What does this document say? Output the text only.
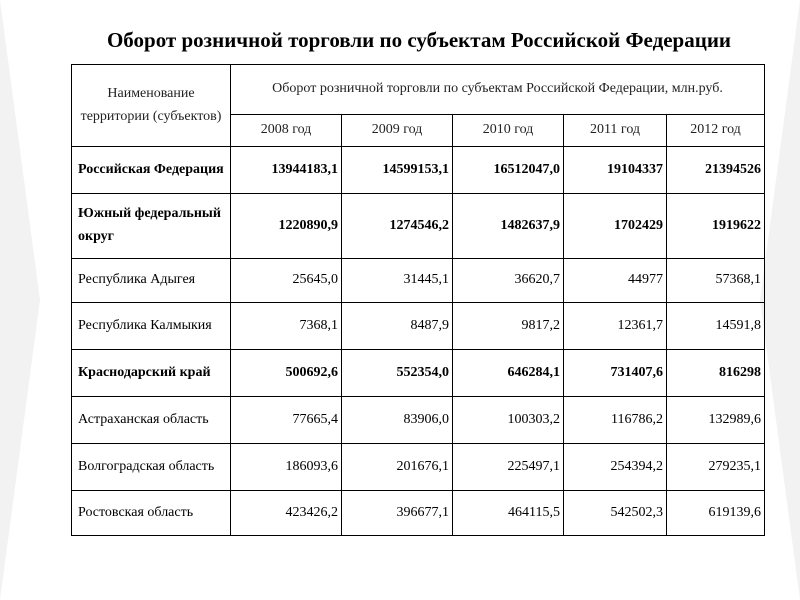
Оборот розничной торговли по субъектам Российской Федерации
Наименование территории (субъектов)	Оборот розничной торговли по субъектам Российской Федерации, млн.руб.				
	2008 год	2009 год	2010 год	2011 год	2012 год
Российская Федерация	13944183,1	14599153,1	16512047,0	19104337	21394526
Южный федеральный округ	1220890,9	1274546,2	1482637,9	1702429	1919622
Республика Адыгея	25645,0	31445,1	36620,7	44977	57368,1
Республика Калмыкия	7368,1	8487,9	9817,2	12361,7	14591,8
Краснодарский край	500692,6	552354,0	646284,1	731407,6	816298
Астраханская область	77665,4	83906,0	100303,2	116786,2	132989,6
Волгоградская область	186093,6	201676,1	225497,1	254394,2	279235,1
Ростовская область	423426,2	396677,1	464115,5	542502,3	619139,6
